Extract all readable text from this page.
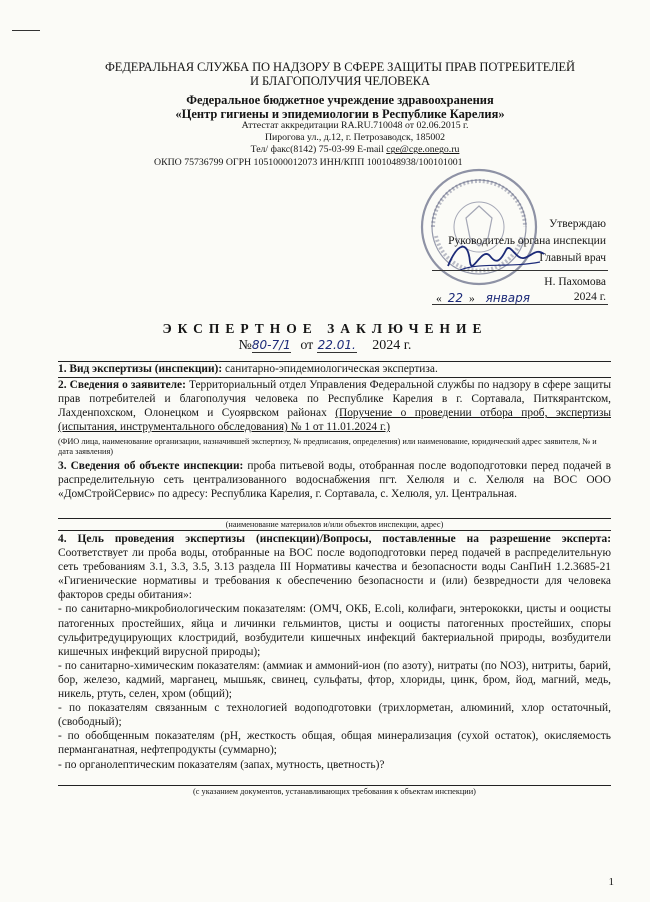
ФЕДЕРАЛЬНАЯ СЛУЖБА ПО НАДЗОРУ В СФЕРЕ ЗАЩИТЫ ПРАВ ПОТРЕБИТЕЛЕЙ
И БЛАГОПОЛУЧИЯ ЧЕЛОВЕКА
Федеральное бюджетное учреждение здравоохранения
«Центр гигиены и эпидемиологии в Республике Карелия»
Аттестат аккредитации RA.RU.710048 от 02.06.2015 г.
Пирогова ул., д.12, г. Петрозаводск, 185002
Тел/ факс(8142) 75-03-99 E-mail cge@cge.onego.ru
ОКПО 75736799 ОГРН 1051000012073 ИНН/КПП 1001048938/100101001
Утверждаю
Руководитель органа инспекции
Главный врач
Н. Пахомова
« 22 » января	2024 г.
ЭКСПЕРТНОЕ ЗАКЛЮЧЕНИЕ
№80-7/1 от 22.01. 2024 г.
1. Вид экспертизы (инспекции): санитарно-эпидемиологическая экспертиза.
2. Сведения о заявителе: Территориальный отдел Управления Федеральной службы по надзору в сфере защиты прав потребителей и благополучия человека по Республике Карелия в г. Сортавала, Питкярантском, Лахденпохском, Олонецком и Суоярвском районах (Поручение о проведении отбора проб, экспертизы (испытания, инструментального обследования) № 1 от 11.01.2024 г.)
(ФИО лица, наименование организации, назначившей экспертизу, № предписания, определения) или наименование, юридический адрес заявителя, № и дата заявления)
3. Сведения об объекте инспекции: проба питьевой воды, отобранная после водоподготовки перед подачей в распределительную сеть централизованного водоснабжения пгт. Хелюля и с. Хелюля на ВОС ООО «ДомСтройСервис» по адресу: Республика Карелия, г. Сортавала, с. Хелюля, ул. Центральная.
(наименование материалов и/или объектов инспекции, адрес)
4. Цель проведения экспертизы (инспекции)/Вопросы, поставленные на разрешение эксперта: Соответствует ли проба воды, отобранные на ВОС после водоподготовки перед подачей в распределительную сеть требованиям 3.1, 3.3, 3.5, 3.13 раздела III Нормативы качества и безопасности воды СанПиН 1.2.3685-21 «Гигиенические нормативы и требования к обеспечению безопасности и (или) безвредности для человека факторов среды обитания»:
- по санитарно-микробиологическим показателям: (ОМЧ, ОКБ, E.coli, колифаги, энтерококки, цисты и ооцисты патогенных простейших, яйца и личинки гельминтов, цисты и ооцисты патогенных простейших, споры сульфитредуцирующих клостридий, возбудители кишечных инфекций бактериальной природы, возбудители кишечных инфекций вирусной природы);
- по санитарно-химическим показателям: (аммиак и аммоний-ион (по азоту), нитраты (по NO3), нитриты, барий, бор, железо, кадмий, марганец, мышьяк, свинец, сульфаты, фтор, хлориды, цинк, бром, йод, магний, медь, никель, ртуть, селен, хром (общий);
- по показателям связанным с технологией водоподготовки (трихлорметан, алюминий, хлор остаточный,(свободный);
- по обобщенным показателям (pH, жесткость общая, общая минерализация (сухой остаток), окисляемость перманганатная, нефтепродукты (суммарно);
- по органолептическим показателям (запах, мутность, цветность)?
(с указанием документов, устанавливающих требования к объектам инспекции)
1
